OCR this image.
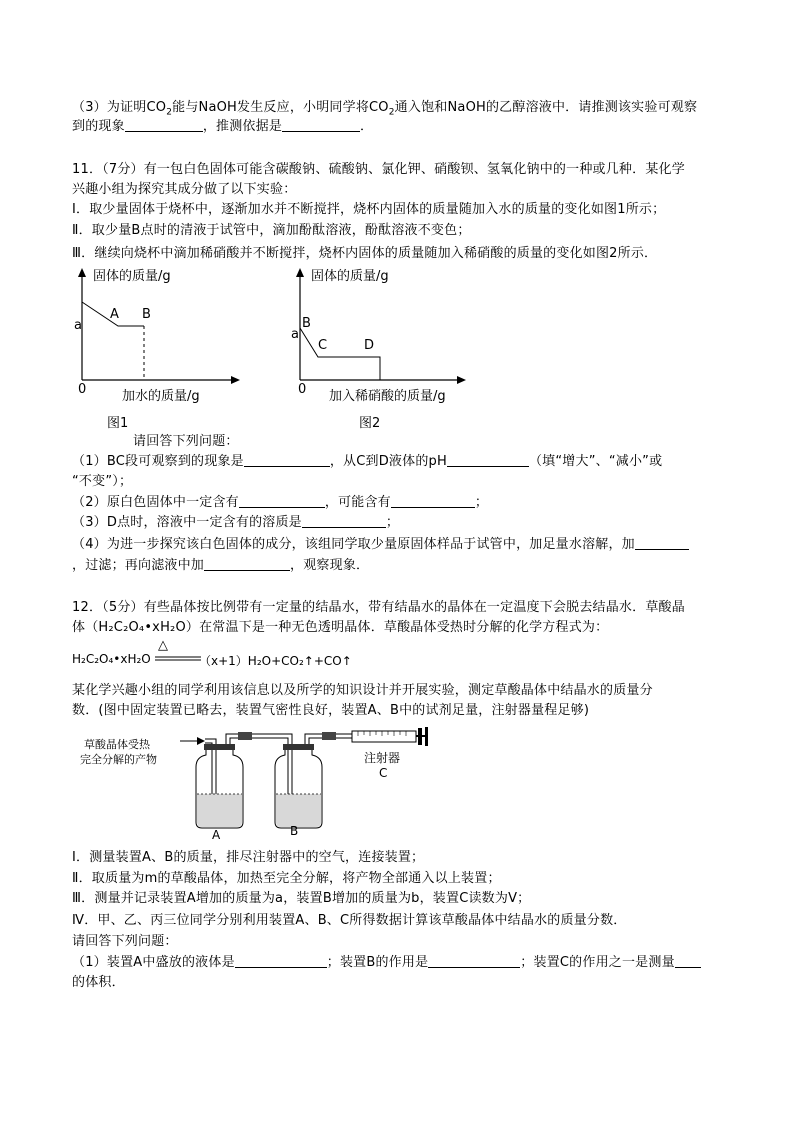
（3）为证明$CO_2$能与NaOH发生反应，小明同学将$CO_2$通入饱和NaOH的乙醇溶液中．请推测该实验可观察
到的现象	，推测依据是	．
11．（7分）有一包白色固体可能含碳酸钠、硫酸钠、氯化钾、硝酸钡、氢氧化钠中的一种或几种．某化学
兴趣小组为探究其成分做了以下实验：
Ⅰ．取少量固体于烧杯中，逐渐加水并不断搅拌，烧杯内固体的质量随加入水的质量的变化如图1所示；
Ⅱ．取少量B点时的清液于试管中，滴加酚酞溶液，酚酞溶液不变色；
Ⅲ．继续向烧杯中滴加稀硝酸并不断搅拌，烧杯内固体的质量随加入稀硝酸的质量的变化如图2所示．
固体的质量/g
A B
a
0	加水的质量/g
图1
固体的质量/g
B
a
C	D
0 加入稀硝酸的质量/g
图2
请回答下列问题：
（1）BC段可观察到的现象是	，从C到D液体的pH	（填“增大”、“减小”或
“不变”）；
（2）原白色固体中一定含有	，可能含有	；
（3）D点时，溶液中一定含有的溶质是	；
（4）为进一步探究该白色固体的成分，该组同学取少量原固体样品于试管中，加足量水溶解，加
，过滤；再向滤液中加	，观察现象．
12．（5分）有些晶体按比例带有一定量的结晶水，带有结晶水的晶体在一定温度下会脱去结晶水．草酸晶
体（H₂C₂O₄•xH₂O）在常温下是一种无色透明晶体．草酸晶体受热时分解的化学方程式为：
H₂C₂O₄•xH₂O
△
（x+1）H₂O+CO₂↑+CO↑
某化学兴趣小组的同学利用该信息以及所学的知识设计并开展实验，测定草酸晶体中结晶水的质量分
数．(图中固定装置已略去，装置气密性良好，装置A、B中的试剂足量，注射器量程足够)
草酸晶体受热
完全分解的产物	注射器
C
A	B
Ⅰ．测量装置A、B的质量，排尽注射器中的空气，连接装置；
Ⅱ．取质量为m的草酸晶体，加热至完全分解，将产物全部通入以上装置；
Ⅲ．测量并记录装置A增加的质量为a，装置B增加的质量为b，装置C读数为V；
Ⅳ．甲、乙、丙三位同学分别利用装置A、B、C所得数据计算该草酸晶体中结晶水的质量分数．
请回答下列问题：
（1）装置A中盛放的液体是	；装置B的作用是	；装置C的作用之一是测量
的体积．
